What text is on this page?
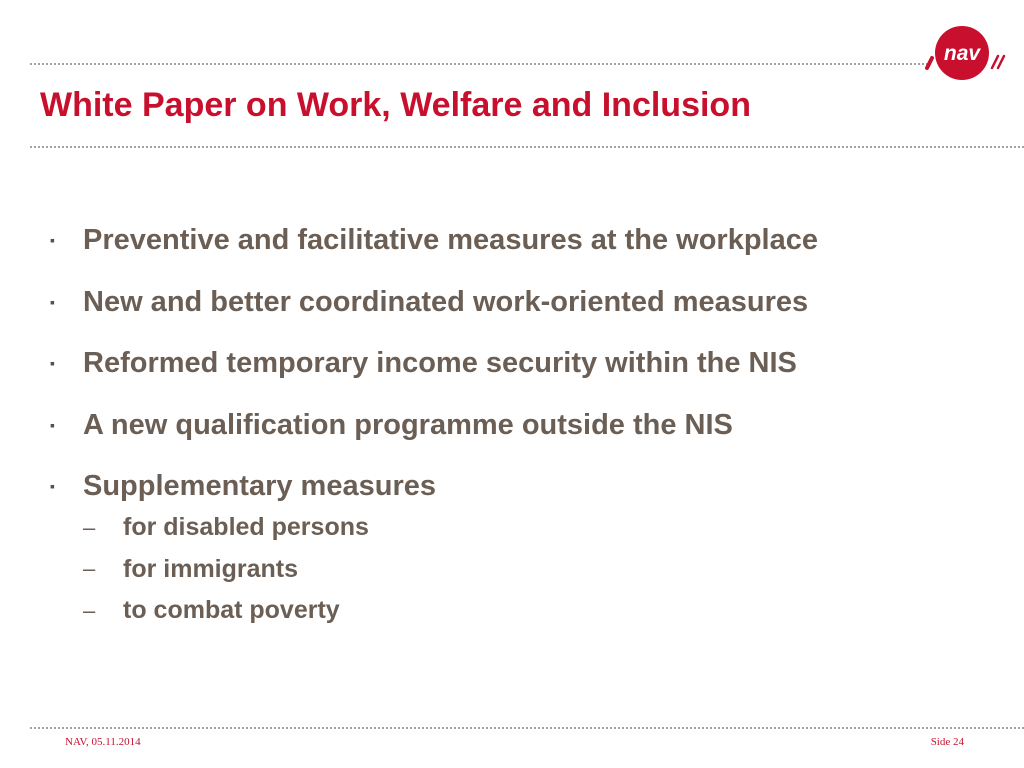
nav
White Paper on Work, Welfare and Inclusion
▪ Preventive and facilitative measures at the workplace
▪ New and better coordinated work-oriented measures
▪ Reformed temporary income security within the NIS
▪ A new qualification programme outside the NIS
▪ Supplementary measures
–	for disabled persons
–	for immigrants
–	to combat poverty
NAV, 05.11.2014	Side 24
